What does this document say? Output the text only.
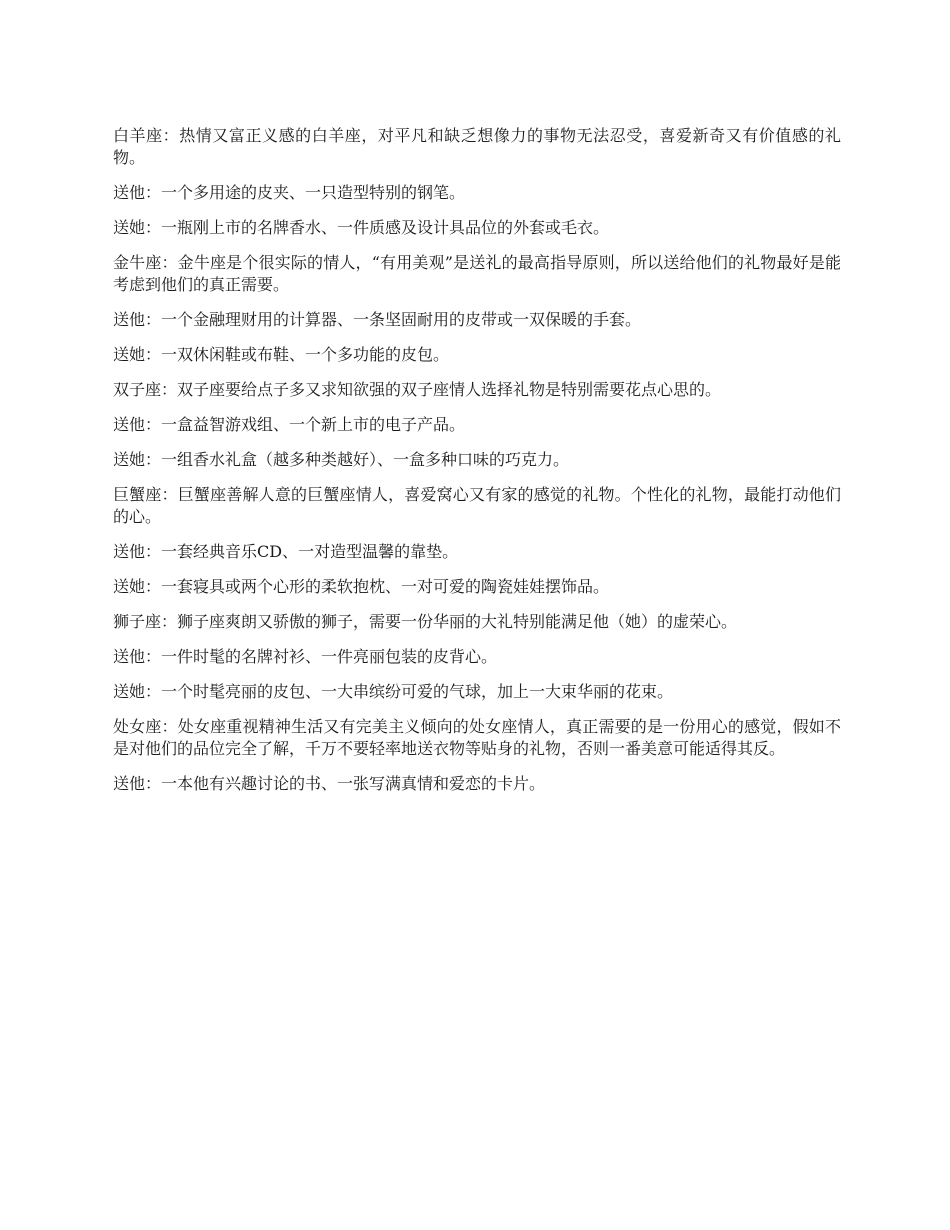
白羊座：热情又富正义感的白羊座，对平凡和缺乏想像力的事物无法忍受，喜爱新奇又有价值感的礼物。

送他：一个多用途的皮夹、一只造型特别的钢笔。

送她：一瓶刚上市的名牌香水、一件质感及设计具品位的外套或毛衣。

金牛座：金牛座是个很实际的情人，“有用美观”是送礼的最高指导原则，所以送给他们的礼物最好是能考虑到他们的真正需要。

送他：一个金融理财用的计算器、一条坚固耐用的皮带或一双保暖的手套。

送她：一双休闲鞋或布鞋、一个多功能的皮包。

双子座：双子座要给点子多又求知欲强的双子座情人选择礼物是特别需要花点心思的。

送他：一盒益智游戏组、一个新上市的电子产品。

送她：一组香水礼盒（越多种类越好）、一盒多种口味的巧克力。

巨蟹座：巨蟹座善解人意的巨蟹座情人，喜爱窝心又有家的感觉的礼物。个性化的礼物，最能打动他们的心。

送他：一套经典音乐CD、一对造型温馨的靠垫。

送她：一套寝具或两个心形的柔软抱枕、一对可爱的陶瓷娃娃摆饰品。

狮子座：狮子座爽朗又骄傲的狮子，需要一份华丽的大礼特别能满足他（她）的虚荣心。

送他：一件时髦的名牌衬衫、一件亮丽包装的皮背心。

送她：一个时髦亮丽的皮包、一大串缤纷可爱的气球，加上一大束华丽的花束。

处女座：处女座重视精神生活又有完美主义倾向的处女座情人，真正需要的是一份用心的感觉，假如不是对他们的品位完全了解，千万不要轻率地送衣物等贴身的礼物，否则一番美意可能适得其反。

送他：一本他有兴趣讨论的书、一张写满真情和爱恋的卡片。
